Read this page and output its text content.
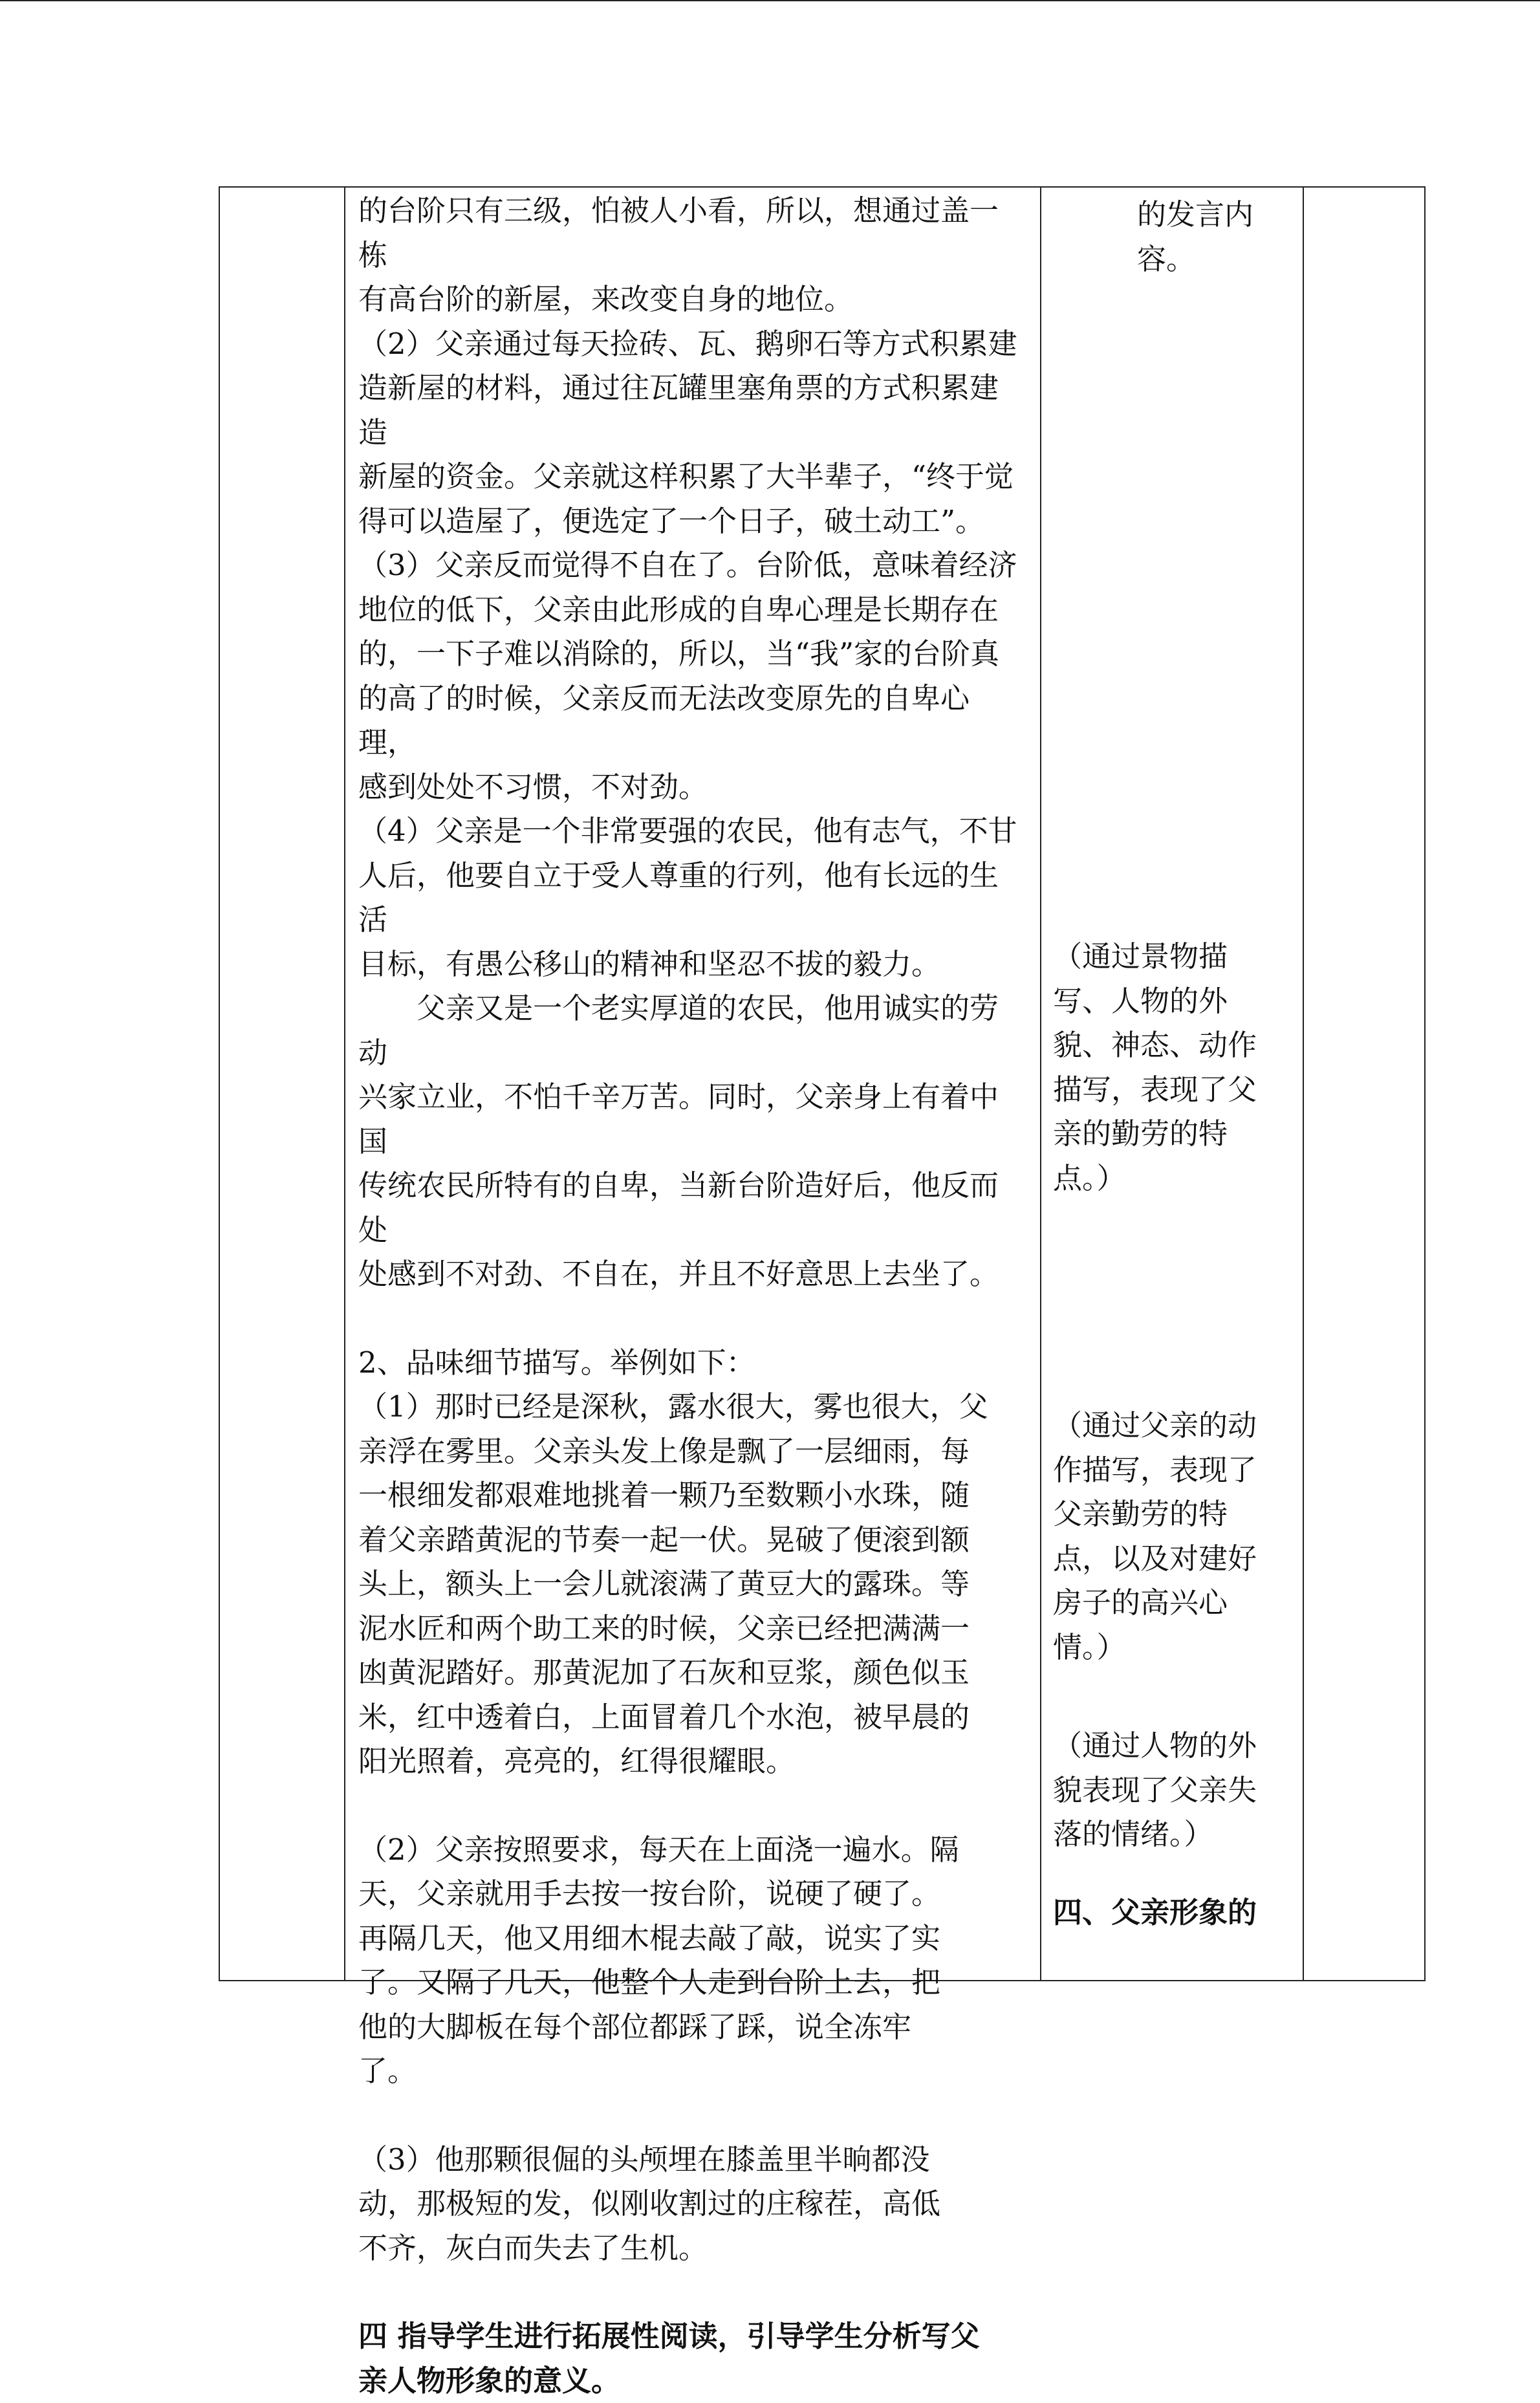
的台阶只有三级，怕被人小看，所以，想通过盖一栋

有高台阶的新屋，来改变自身的地位。

（2）父亲通过每天捡砖、瓦、鹅卵石等方式积累建

造新屋的材料，通过往瓦罐里塞角票的方式积累建造

新屋的资金。父亲就这样积累了大半辈子，“终于觉

得可以造屋了，便选定了一个日子，破土动工”。

（3）父亲反而觉得不自在了。台阶低，意味着经济

地位的低下，父亲由此形成的自卑心理是长期存在

的，一下子难以消除的，所以，当“我”家的台阶真

的高了的时候，父亲反而无法改变原先的自卑心理，

感到处处不习惯，不对劲。

（4）父亲是一个非常要强的农民，他有志气，不甘

人后，他要自立于受人尊重的行列，他有长远的生活

目标，有愚公移山的精神和坚忍不拔的毅力。

父亲又是一个老实厚道的农民，他用诚实的劳动

兴家立业，不怕千辛万苦。同时，父亲身上有着中国

传统农民所特有的自卑，当新台阶造好后，他反而处

处感到不对劲、不自在，并且不好意思上去坐了。

2、品味细节描写。举例如下：

（1）那时已经是深秋，露水很大，雾也很大，父

亲浮在雾里。父亲头发上像是飘了一层细雨，每

一根细发都艰难地挑着一颗乃至数颗小水珠，随

着父亲踏黄泥的节奏一起一伏。晃破了便滚到额

头上，额头上一会儿就滚满了黄豆大的露珠。等

泥水匠和两个助工来的时候，父亲已经把满满一

凼黄泥踏好。那黄泥加了石灰和豆浆，颜色似玉

米，红中透着白，上面冒着几个水泡，被早晨的

阳光照着，亮亮的，红得很耀眼。

（2）父亲按照要求，每天在上面浇一遍水。隔

天，父亲就用手去按一按台阶，说硬了硬了。

再隔几天，他又用细木棍去敲了敲，说实了实

了。又隔了几天，他整个人走到台阶上去，把

他的大脚板在每个部位都踩了踩，说全冻牢

了。

（3）他那颗很倔的头颅埋在膝盖里半晌都没

动，那极短的发，似刚收割过的庄稼茬，高低

不齐，灰白而失去了生机。

四 指导学生进行拓展性阅读，引导学生分析写父

亲人物形象的意义。

的发言内

容。

（通过景物描

写、人物的外

貌、神态、动作

描写，表现了父

亲的勤劳的特

点。）

（通过父亲的动

作描写，表现了

父亲勤劳的特

点，以及对建好

房子的高兴心

情。）

（通过人物的外

貌表现了父亲失

落的情绪。）

四、父亲形象的
